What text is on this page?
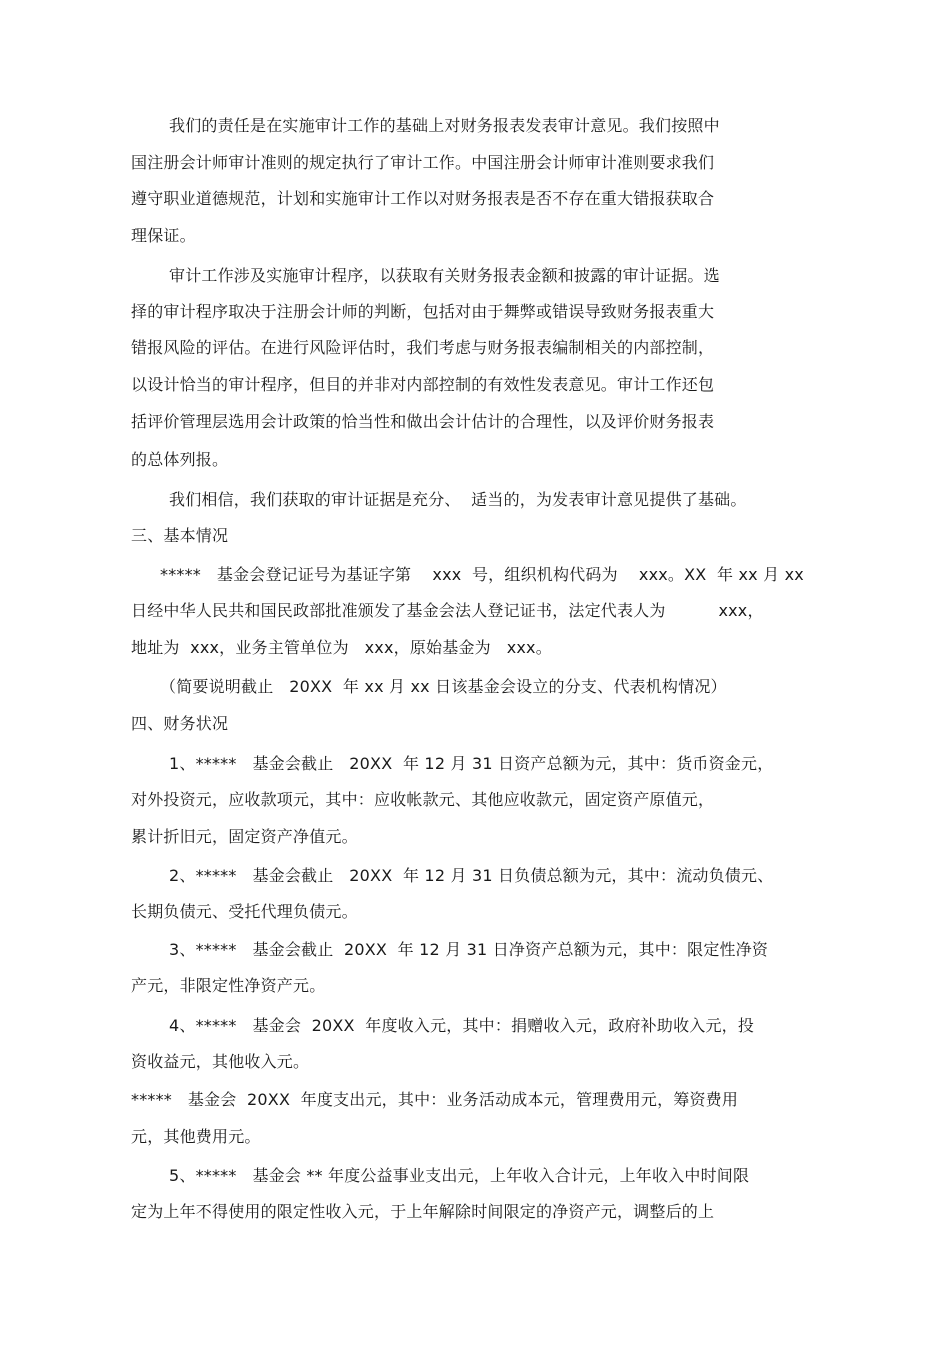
我们的责任是在实施审计工作的基础上对财务报表发表审计意见。我们按照中
国注册会计师审计准则的规定执行了审计工作。中国注册会计师审计准则要求我们
遵守职业道德规范，计划和实施审计工作以对财务报表是否不存在重大错报获取合
理保证。
审计工作涉及实施审计程序，以获取有关财务报表金额和披露的审计证据。选
择的审计程序取决于注册会计师的判断，包括对由于舞弊或错误导致财务报表重大
错报风险的评估。在进行风险评估时，我们考虑与财务报表编制相关的内部控制，
以设计恰当的审计程序，但目的并非对内部控制的有效性发表意见。审计工作还包
括评价管理层选用会计政策的恰当性和做出会计估计的合理性，以及评价财务报表
的总体列报。
我们相信，我们获取的审计证据是充分、  适当的，为发表审计意见提供了基础。
三、基本情况
*****   基金会登记证号为基证字第    xxx  号，组织机构代码为    xxx。XX  年 xx 月 xx
日经中华人民共和国民政部批准颁发了基金会法人登记证书，法定代表人为          xxx，
地址为  xxx，业务主管单位为   xxx，原始基金为   xxx。
（简要说明截止   20XX  年 xx 月 xx 日该基金会设立的分支、代表机构情况）
四、财务状况
1、*****   基金会截止   20XX  年 12 月 31 日资产总额为元，其中：货币资金元，
对外投资元，应收款项元，其中：应收帐款元、其他应收款元，固定资产原值元，
累计折旧元，固定资产净值元。
2、*****   基金会截止   20XX  年 12 月 31 日负债总额为元，其中：流动负债元、
长期负债元、受托代理负债元。
3、*****   基金会截止  20XX  年 12 月 31 日净资产总额为元，其中：限定性净资
产元，非限定性净资产元。
4、*****   基金会  20XX  年度收入元，其中：捐赠收入元，政府补助收入元，投
资收益元，其他收入元。
*****   基金会  20XX  年度支出元，其中：业务活动成本元，管理费用元，筹资费用
元，其他费用元。
5、*****   基金会 ** 年度公益事业支出元，上年收入合计元，上年收入中时间限
定为上年不得使用的限定性收入元，于上年解除时间限定的净资产元，调整后的上
